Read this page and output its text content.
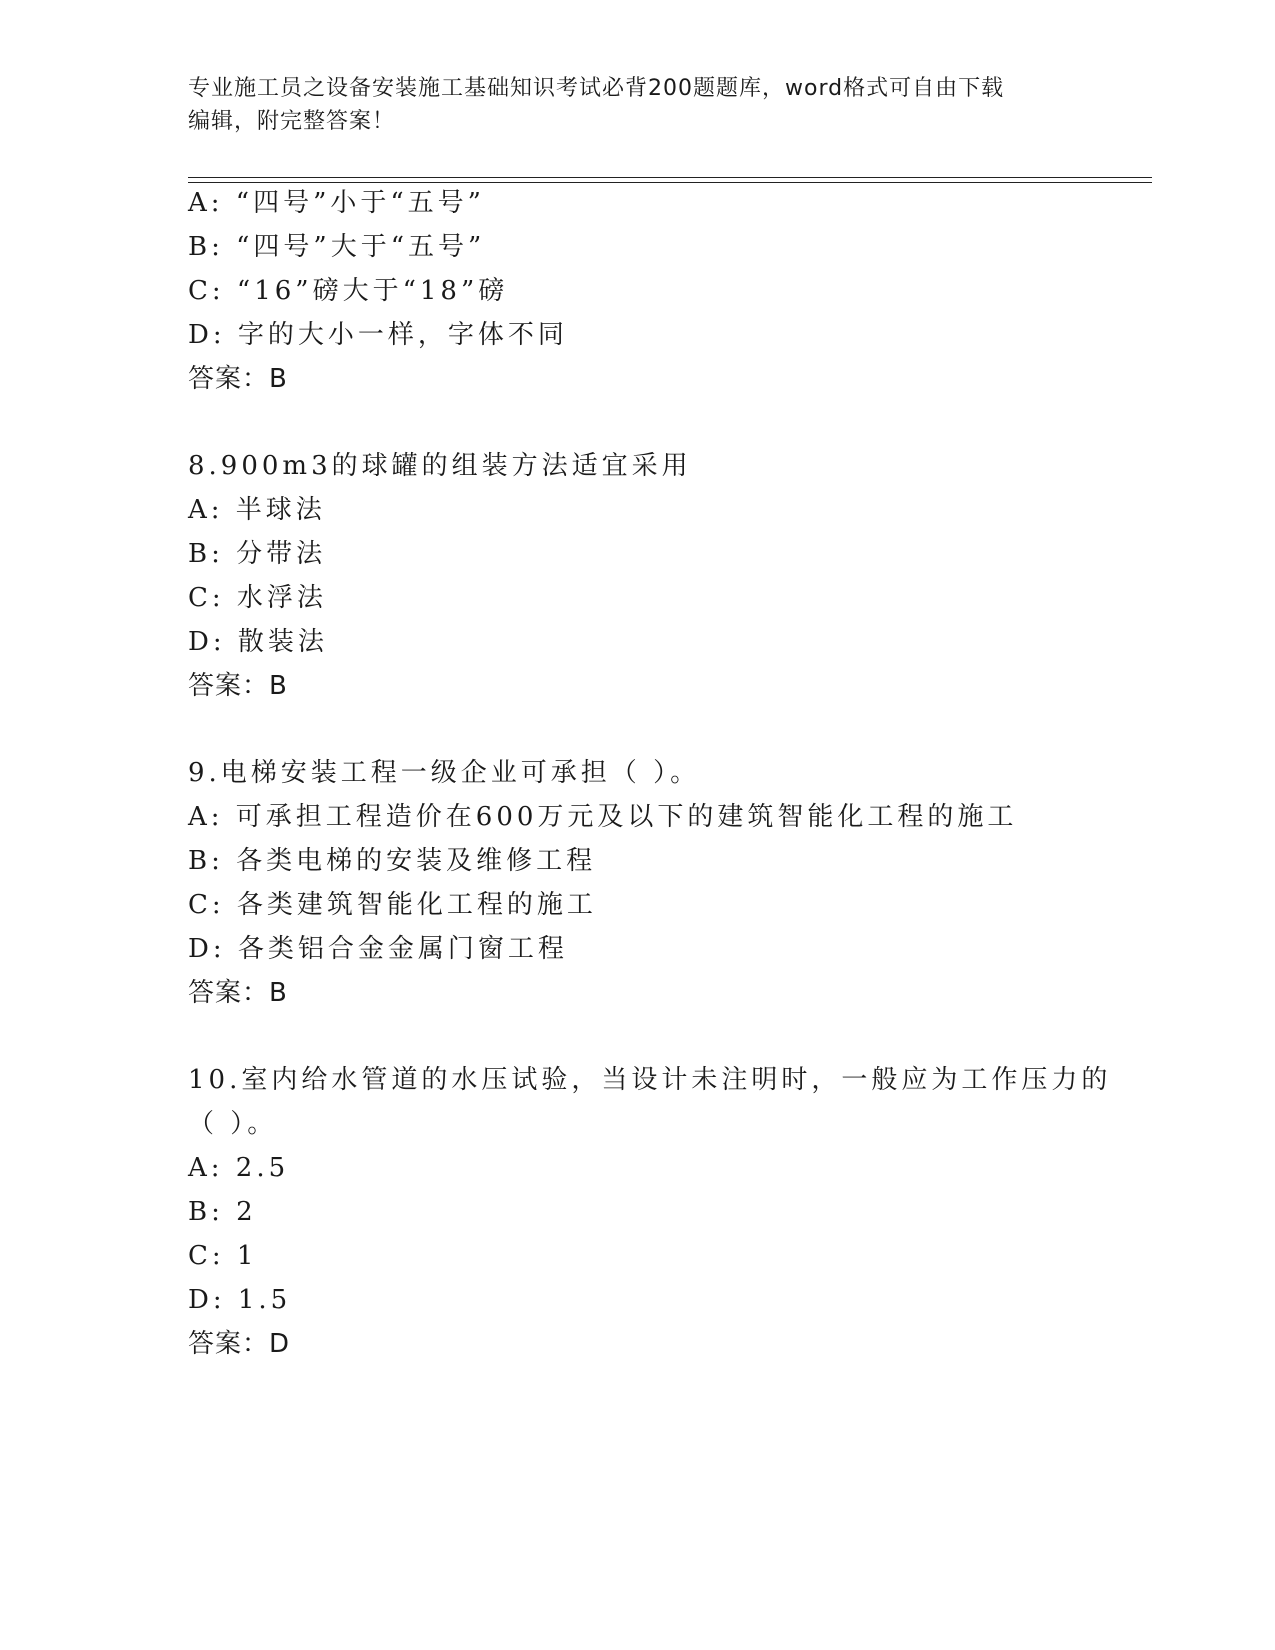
专业施工员之设备安装施工基础知识考试必背200题题库，word格式可自由下载
编辑，附完整答案！
A: “四号”小于“五号”
B: “四号”大于“五号”
C: “16”磅大于“18”磅
D: 字的大小一样，字体不同
答案：B
8.900m3的球罐的组装方法适宜采用
A: 半球法
B: 分带法
C: 水浮法
D: 散装法
答案：B
9.电梯安装工程一级企业可承担（ ）。
A: 可承担工程造价在600万元及以下的建筑智能化工程的施工
B: 各类电梯的安装及维修工程
C: 各类建筑智能化工程的施工
D: 各类铝合金金属门窗工程
答案：B
10.室内给水管道的水压试验，当设计未注明时，一般应为工作压力的
（ ）。
A: 2.5
B: 2
C: 1
D: 1.5
答案：D
